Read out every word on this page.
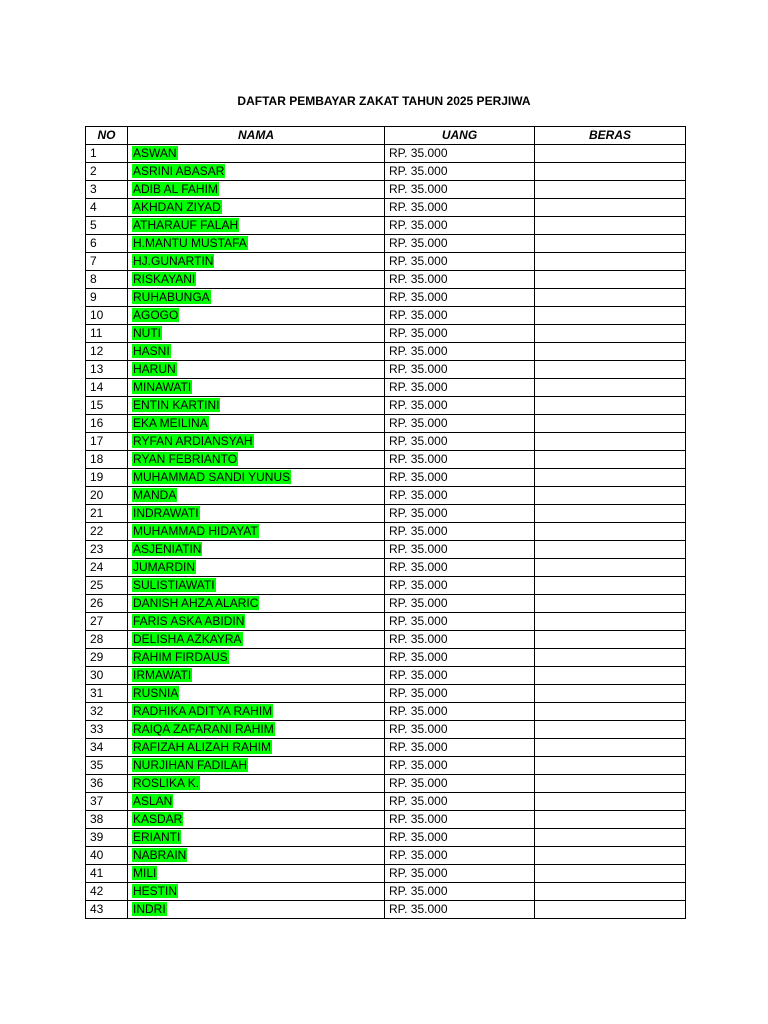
DAFTAR PEMBAYAR ZAKAT TAHUN 2025 PERJIWA
NO	NAMA	UANG	BERAS
1	ASWAN	RP. 35.000	
2	ASRINI ABASAR	RP. 35.000	
3	ADIB AL FAHIM	RP. 35.000	
4	AKHDAN ZIYAD	RP. 35.000	
5	ATHARAUF FALAH	RP. 35.000	
6	H.MANTU MUSTAFA	RP. 35.000	
7	HJ.GUNARTIN	RP. 35.000	
8	RISKAYANI	RP. 35.000	
9	RUHABUNGA	RP. 35.000	
10	AGOGO	RP. 35.000	
11	NUTI	RP. 35.000	
12	HASNI	RP. 35.000	
13	HARUN	RP. 35.000	
14	MINAWATI	RP. 35.000	
15	ENTIN KARTINI	RP. 35.000	
16	EKA MEILINA	RP. 35.000	
17	RYFAN ARDIANSYAH	RP. 35.000	
18	RYAN FEBRIANTO	RP. 35.000	
19	MUHAMMAD SANDI YUNUS	RP. 35.000	
20	MANDA	RP. 35.000	
21	INDRAWATI	RP. 35.000	
22	MUHAMMAD HIDAYAT	RP. 35.000	
23	ASJENIATIN	RP. 35.000	
24	JUMARDIN	RP. 35.000	
25	SULISTIAWATI	RP. 35.000	
26	DANISH AHZA ALARIC	RP. 35.000	
27	FARIS ASKA ABIDIN	RP. 35.000	
28	DELISHA AZKAYRA	RP. 35.000	
29	RAHIM FIRDAUS	RP. 35.000	
30	IRMAWATI	RP. 35.000	
31	RUSNIA	RP. 35.000	
32	RADHIKA ADITYA RAHIM	RP. 35.000	
33	RAIQA ZAFARANI RAHIM	RP. 35.000	
34	RAFIZAH ALIZAH RAHIM	RP. 35.000	
35	NURJIHAN FADILAH	RP. 35.000	
36	ROSLIKA K.	RP. 35.000	
37	ASLAN	RP. 35.000	
38	KASDAR	RP. 35.000	
39	ERIANTI	RP. 35.000	
40	NABRAIN	RP. 35.000	
41	MILI	RP. 35.000	
42	HESTIN	RP. 35.000	
43	INDRI	RP. 35.000	
